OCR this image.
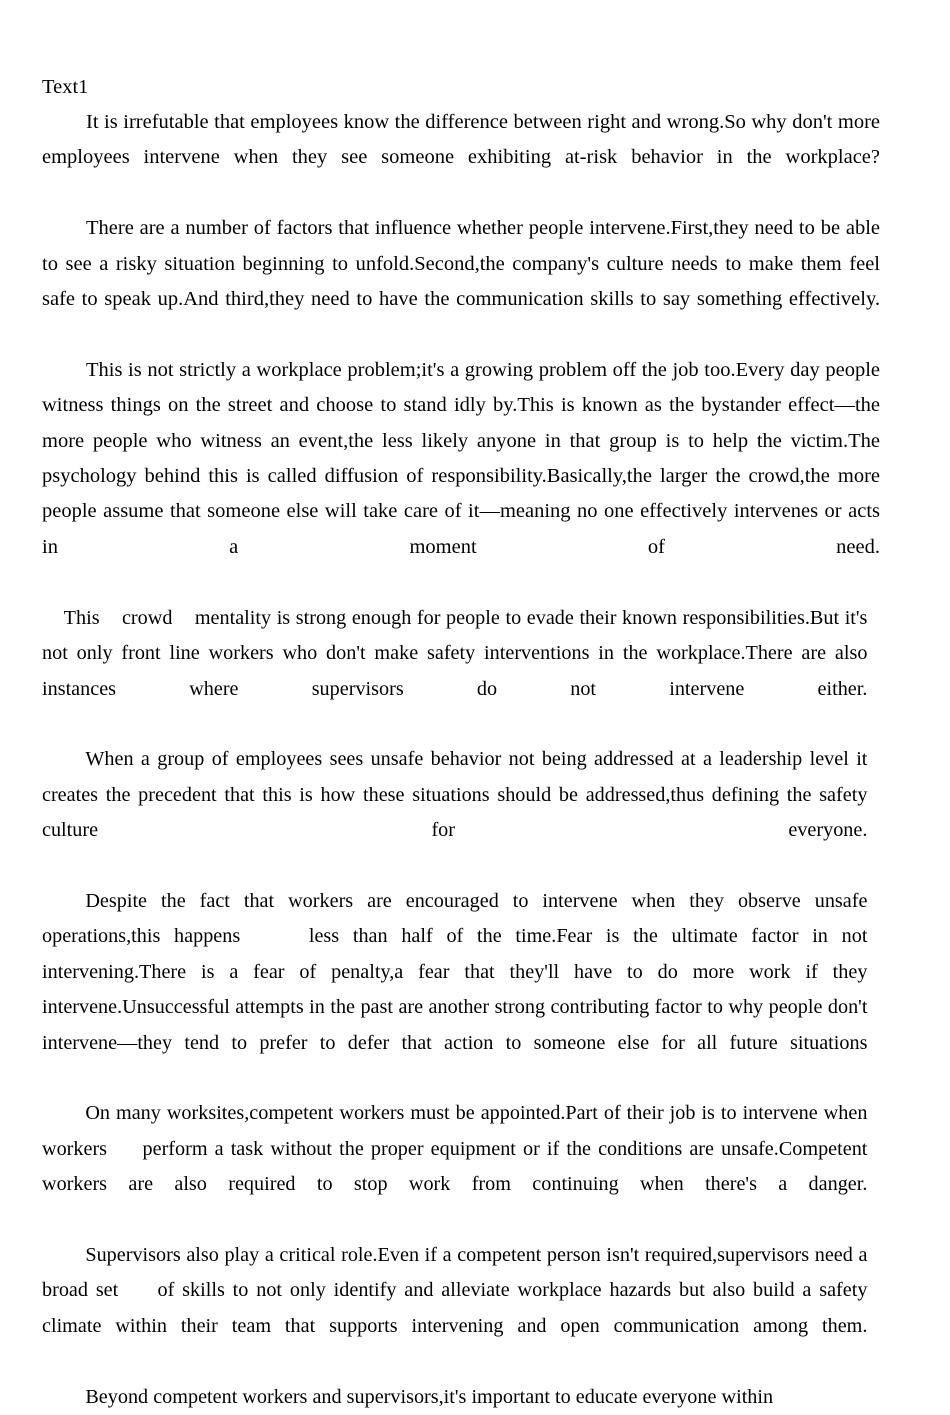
Text1

It is irrefutable that employees know the difference between right and wrong.So why don't more employees intervene when they see someone exhibiting at-risk behavior in the workplace?

There are a number of factors that influence whether people intervene.First,they need to be able to see a risky situation beginning to unfold.Second,the company's culture needs to make them feel safe to speak up.And third,they need to have the communication skills to say something effectively.

This is not strictly a workplace problem;it's a growing problem off the job too.Every day people witness things on the street and choose to stand idly by.This is known as the bystander effect—the more people who witness an event,the less likely anyone in that group is to help the victim.The psychology behind this is called diffusion of responsibility.Basically,the larger the crowd,the more people assume that someone else will take care of it—meaning no one effectively intervenes or acts in a moment of need.

This    crowd    mentality is strong enough for people to evade their known responsibilities.But it's not only front line workers who don't make safety interventions in the workplace.There are also instances where supervisors do not intervene either.

When a group of employees sees unsafe behavior not being addressed at a leadership level it creates the precedent that this is how these situations should be addressed,thus defining the safety culture for everyone.

Despite the fact that workers are encouraged to intervene when they observe unsafe operations,this happens     less than half of the time.Fear is the ultimate factor in not intervening.There is a fear of penalty,a fear that they'll have to do more work if they intervene.Unsuccessful attempts in the past are another strong contributing factor to why people don't intervene—they tend to prefer to defer that action to someone else for all future situations

On many worksites,competent workers must be appointed.Part of their job is to intervene when workers     perform a task without the proper equipment or if the conditions are unsafe.Competent workers are also required to stop work from continuing when there's a danger.

Supervisors also play a critical role.Even if a competent person isn't required,supervisors need a broad set     of skills to not only identify and alleviate workplace hazards but also build a safety climate within their team that supports intervening and open communication among them.

Beyond competent workers and supervisors,it's important to educate everyone within
